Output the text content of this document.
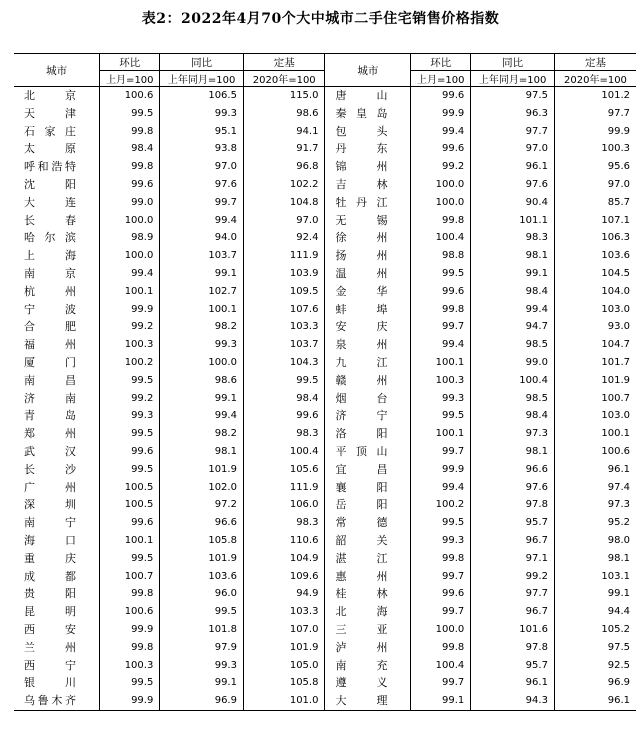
表2：2022年4月70个大中城市二手住宅销售价格指数
城市	环比	同比	定基	城市	环比	同比	定基
	上月=100	上年同月=100	2020年=100		上月=100	上年同月=100	2020年=100
北京	100.6	106.5	115.0	唐山	99.6	97.5	101.2
天津	99.5	99.3	98.6	秦皇岛	99.9	96.3	97.7
石家庄	99.8	95.1	94.1	包头	99.4	97.7	99.9
太原	98.4	93.8	91.7	丹东	99.6	97.0	100.3
呼和浩特	99.8	97.0	96.8	锦州	99.2	96.1	95.6
沈阳	99.6	97.6	102.2	吉林	100.0	97.6	97.0
大连	99.0	99.7	104.8	牡丹江	100.0	90.4	85.7
长春	100.0	99.4	97.0	无锡	99.8	101.1	107.1
哈尔滨	98.9	94.0	92.4	徐州	100.4	98.3	106.3
上海	100.0	103.7	111.9	扬州	98.8	98.1	103.6
南京	99.4	99.1	103.9	温州	99.5	99.1	104.5
杭州	100.1	102.7	109.5	金华	99.6	98.4	104.0
宁波	99.9	100.1	107.6	蚌埠	99.8	99.4	103.0
合肥	99.2	98.2	103.3	安庆	99.7	94.7	93.0
福州	100.3	99.3	103.7	泉州	99.4	98.5	104.7
厦门	100.2	100.0	104.3	九江	100.1	99.0	101.7
南昌	99.5	98.6	99.5	赣州	100.3	100.4	101.9
济南	99.2	99.1	98.4	烟台	99.3	98.5	100.7
青岛	99.3	99.4	99.6	济宁	99.5	98.4	103.0
郑州	99.5	98.2	98.3	洛阳	100.1	97.3	100.1
武汉	99.6	98.1	100.4	平顶山	99.7	98.1	100.6
长沙	99.5	101.9	105.6	宜昌	99.9	96.6	96.1
广州	100.5	102.0	111.9	襄阳	99.4	97.6	97.4
深圳	100.5	97.2	106.0	岳阳	100.2	97.8	97.3
南宁	99.6	96.6	98.3	常德	99.5	95.7	95.2
海口	100.1	105.8	110.6	韶关	99.3	96.7	98.0
重庆	99.5	101.9	104.9	湛江	99.8	97.1	98.1
成都	100.7	103.6	109.6	惠州	99.7	99.2	103.1
贵阳	99.8	96.0	94.9	桂林	99.6	97.7	99.1
昆明	100.6	99.5	103.3	北海	99.7	96.7	94.4
西安	99.9	101.8	107.0	三亚	100.0	101.6	105.2
兰州	99.8	97.9	101.9	泸州	99.8	97.8	97.5
西宁	100.3	99.3	105.0	南充	100.4	95.7	92.5
银川	99.5	99.1	105.8	遵义	99.7	96.1	96.9
乌鲁木齐	99.9	96.9	101.0	大理	99.1	94.3	96.1
